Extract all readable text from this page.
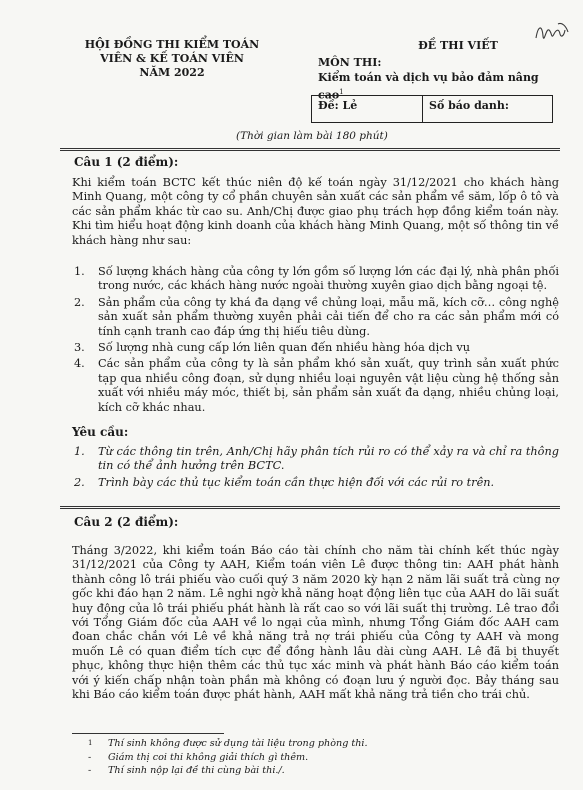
HỘI ĐỒNG THI KIỂM TOÁN
VIÊN & KẾ TOÁN VIÊN
NĂM 2022
ĐỀ THI VIẾT
MÔN THI:
Kiểm toán và dịch vụ bảo đảm nâng cao$^1$
Đề: Lẻ	Số báo danh:
(Thời gian làm bài 180 phút)
Câu 1 (2 điểm):
Khi kiểm toán BCTC kết thúc niên độ kế toán ngày 31/12/2021 cho khách hàng Minh Quang, một công ty cổ phần chuyên sản xuất các sản phẩm về săm, lốp ô tô và các sản phẩm khác từ cao su. Anh/Chị được giao phụ trách hợp đồng kiểm toán này. Khi tìm hiểu hoạt động kinh doanh của khách hàng Minh Quang, một số thông tin về khách hàng như sau:
1.	Số lượng khách hàng của công ty lớn gồm số lượng lớn các đại lý, nhà phân phối trong nước, các khách hàng nước ngoài thường xuyên giao dịch bằng ngoại tệ.
2.	Sản phẩm của công ty khá đa dạng về chủng loại, mẫu mã, kích cỡ… công nghệ sản xuất sản phẩm thường xuyên phải cải tiến để cho ra các sản phẩm mới có tính cạnh tranh cao đáp ứng thị hiếu tiêu dùng.
3.	Số lượng nhà cung cấp lớn liên quan đến nhiều hàng hóa dịch vụ
4.	Các sản phẩm của công ty là sản phẩm khó sản xuất, quy trình sản xuất phức tạp qua nhiều công đoạn, sử dụng nhiều loại nguyên vật liệu cùng hệ thống sản xuất với nhiều máy móc, thiết bị, sản phẩm sản xuất đa dạng, nhiều chủng loại, kích cỡ khác nhau.
Yêu cầu:
1.	Từ các thông tin trên, Anh/Chị hãy phân tích rủi ro có thể xảy ra và chỉ ra thông tin có thể ảnh hưởng trên BCTC.
2.	Trình bày các thủ tục kiểm toán cần thực hiện đối với các rủi ro trên.
Câu 2 (2 điểm):
Tháng 3/2022, khi kiểm toán Báo cáo tài chính cho năm tài chính kết thúc ngày 31/12/2021 của Công ty AAH, Kiểm toán viên Lê được thông tin: AAH phát hành thành công lô trái phiếu vào cuối quý 3 năm 2020 kỳ hạn 2 năm lãi suất trả cùng nợ gốc khi đáo hạn 2 năm. Lê nghi ngờ khả năng hoạt động liên tục của AAH do lãi suất huy động của lô trái phiếu phát hành là rất cao so với lãi suất thị trường. Lê trao đổi với Tổng Giám đốc của AAH về lo ngại của mình, nhưng Tổng Giám đốc AAH cam đoan chắc chắn với Lê về khả năng trả nợ trái phiếu của Công ty AAH và mong muốn Lê có quan điểm tích cực để đồng hành lâu dài cùng AAH. Lê đã bị thuyết phục, không thực hiện thêm các thủ tục xác minh và phát hành Báo cáo kiểm toán với ý kiến chấp nhận toàn phần mà không có đoạn lưu ý người đọc. Bảy tháng sau khi Báo cáo kiểm toán được phát hành, AAH mất khả năng trả tiền cho trái chủ.
1	Thí sinh không được sử dụng tài liệu trong phòng thi.
-	Giám thị coi thi không giải thích gì thêm.
-	Thí sinh nộp lại đề thi cùng bài thi./.
